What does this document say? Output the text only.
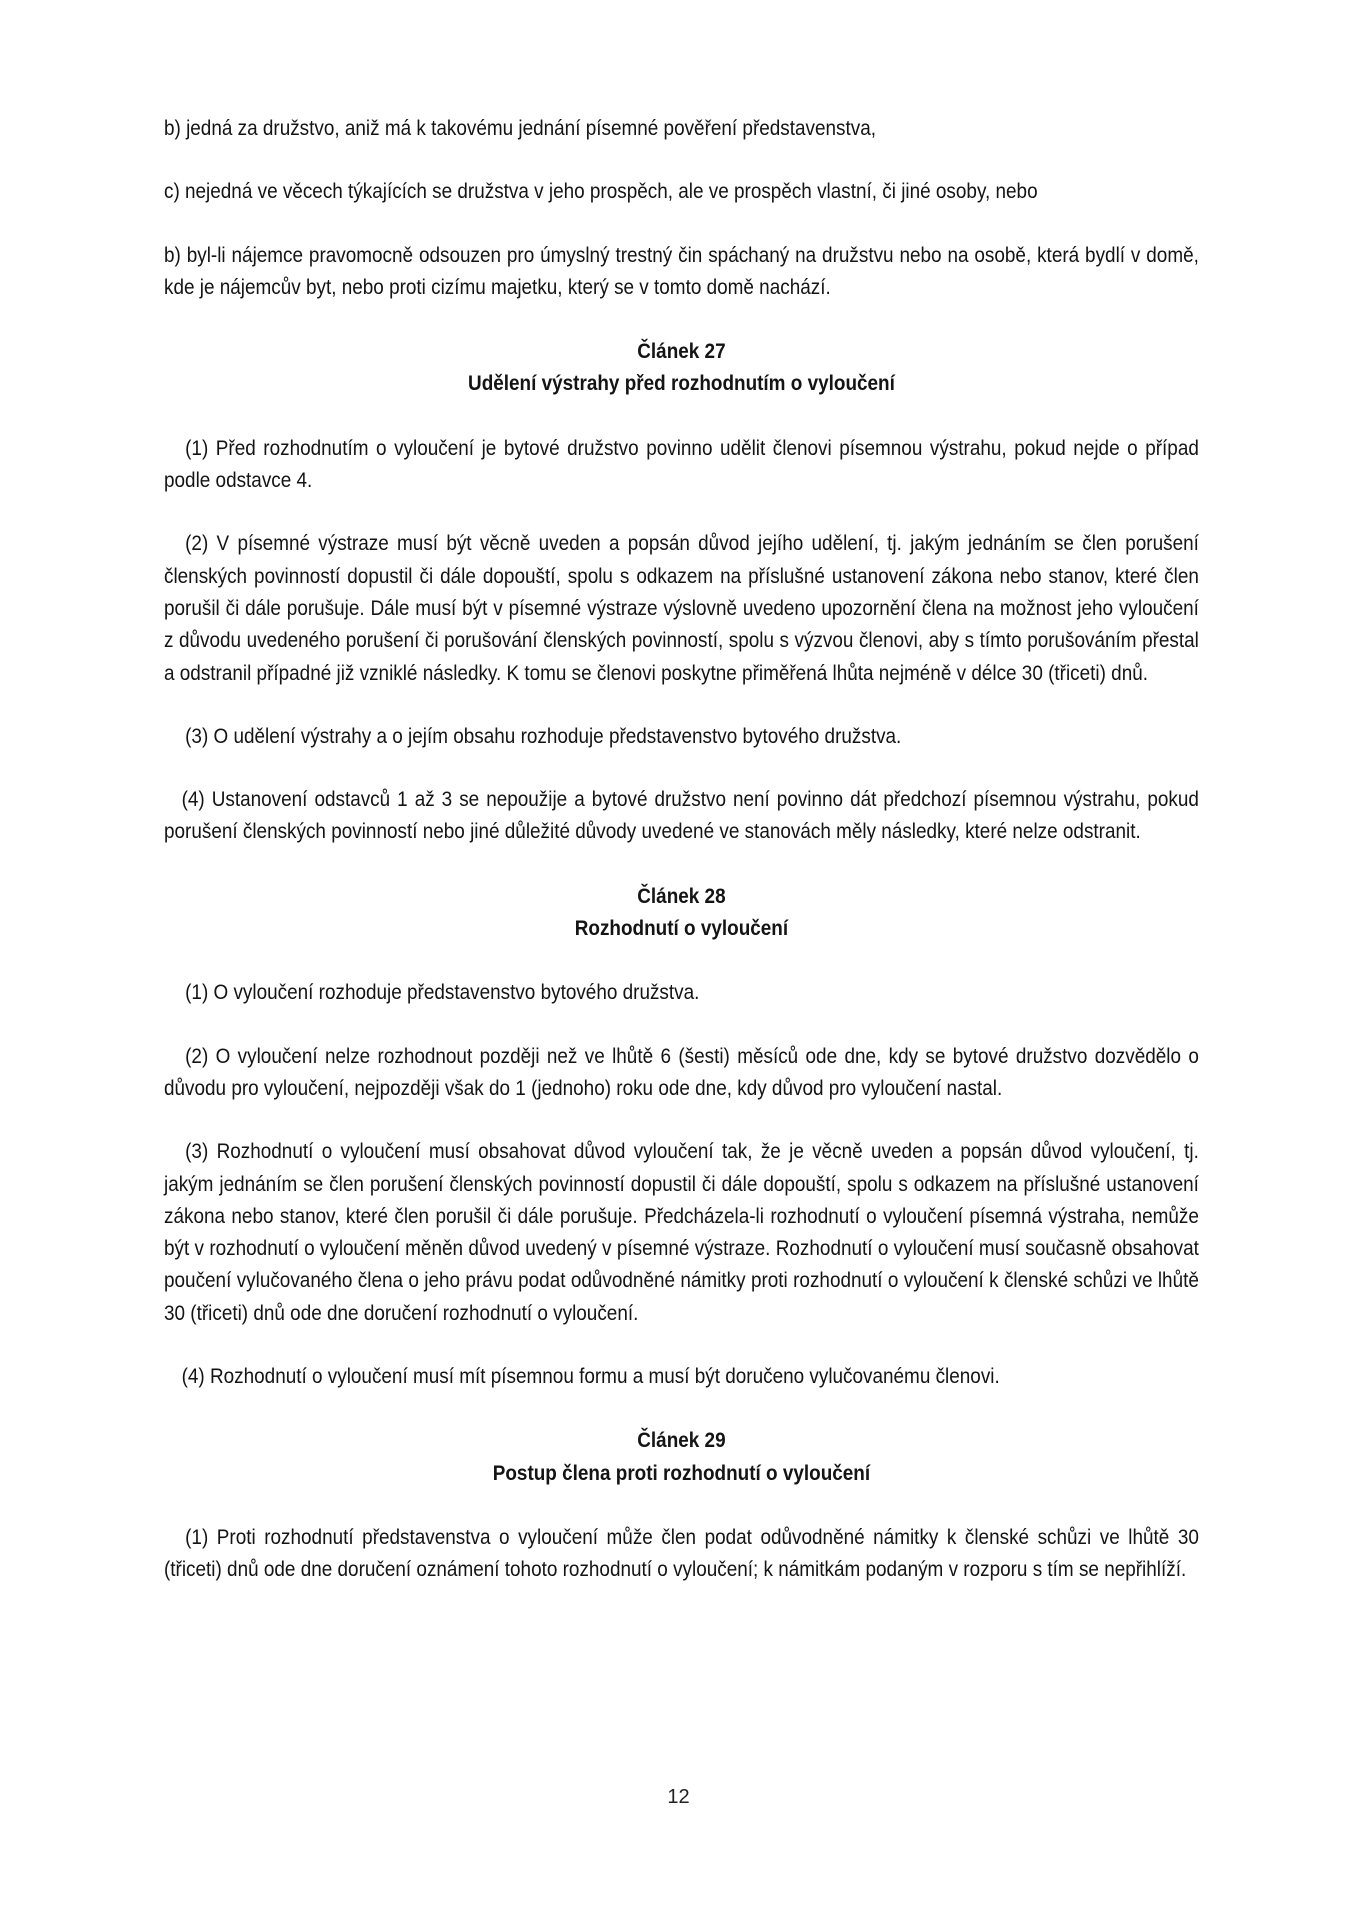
b) jedná za družstvo, aniž má k takovému jednání písemné pověření představenstva,

c) nejedná ve věcech týkajících se družstva v jeho prospěch, ale ve prospěch vlastní, či jiné osoby, nebo

b) byl-li nájemce pravomocně odsouzen pro úmyslný trestný čin spáchaný na družstvu nebo na osobě, která bydlí v domě, kde je nájemcův byt, nebo proti cizímu majetku, který se v tomto domě nachází.

Článek 27
Udělení výstrahy před rozhodnutím o vyloučení

(1) Před rozhodnutím o vyloučení je bytové družstvo povinno udělit členovi písemnou výstrahu, pokud nejde o případ podle odstavce 4.

(2) V písemné výstraze musí být věcně uveden a popsán důvod jejího udělení, tj. jakým jednáním se člen porušení členských povinností dopustil či dále dopouští, spolu s odkazem na příslušné ustanovení zákona nebo stanov, které člen porušil či dále porušuje. Dále musí být v písemné výstraze výslovně uvedeno upozornění člena na možnost jeho vyloučení z důvodu uvedeného porušení či porušování členských povinností, spolu s výzvou členovi, aby s tímto porušováním přestal a odstranil případné již vzniklé následky. K tomu se členovi poskytne přiměřená lhůta nejméně v délce 30 (třiceti) dnů.

(3) O udělení výstrahy a o jejím obsahu rozhoduje představenstvo bytového družstva.

(4) Ustanovení odstavců 1 až 3 se nepoužije a bytové družstvo není povinno dát předchozí písemnou výstrahu, pokud porušení členských povinností nebo jiné důležité důvody uvedené ve stanovách měly následky, které nelze odstranit.

Článek 28
Rozhodnutí o vyloučení

(1) O vyloučení rozhoduje představenstvo bytového družstva.

(2) O vyloučení nelze rozhodnout později než ve lhůtě 6 (šesti) měsíců ode dne, kdy se bytové družstvo dozvědělo o důvodu pro vyloučení, nejpozději však do 1 (jednoho) roku ode dne, kdy důvod pro vyloučení nastal.

(3) Rozhodnutí o vyloučení musí obsahovat důvod vyloučení tak, že je věcně uveden a popsán důvod vyloučení, tj. jakým jednáním se člen porušení členských povinností dopustil či dále dopouští, spolu s odkazem na příslušné ustanovení zákona nebo stanov, které člen porušil či dále porušuje. Předcházela-li rozhodnutí o vyloučení písemná výstraha, nemůže být v rozhodnutí o vyloučení měněn důvod uvedený v písemné výstraze. Rozhodnutí o vyloučení musí současně obsahovat poučení vylučovaného člena o jeho právu podat odůvodněné námitky proti rozhodnutí o vyloučení k členské schůzi ve lhůtě 30 (třiceti) dnů ode dne doručení rozhodnutí o vyloučení.

(4) Rozhodnutí o vyloučení musí mít písemnou formu a musí být doručeno vylučovanému členovi.

Článek 29
Postup člena proti rozhodnutí o vyloučení

(1) Proti rozhodnutí představenstva o vyloučení může člen podat odůvodněné námitky k členské schůzi ve lhůtě 30 (třiceti) dnů ode dne doručení oznámení tohoto rozhodnutí o vyloučení; k námitkám podaným v rozporu s tím se nepřihlíží.

12
